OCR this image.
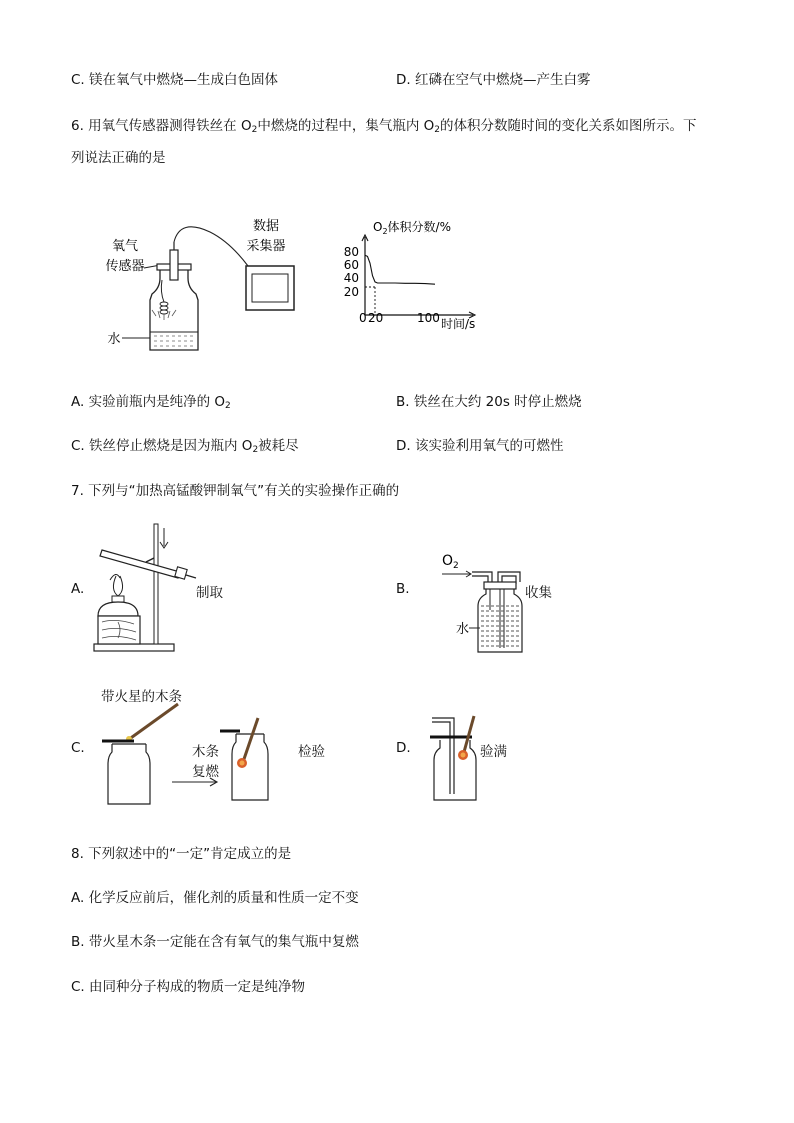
C. 镁在氧气中燃烧—生成白色固体	D. 红磷在空气中燃烧—产生白雾
6. 用氧气传感器测得铁丝在 $O_2$中燃烧的过程中，集气瓶内 $O_2$的体积分数随时间的变化关系如图所示。下
列说法正确的是
氧气
传感器
数据
采集器
水
$O_2$体积分数/%
80
60
40
20
0 20	100 时间/s
A. 实验前瓶内是纯净的 $O_2$	B. 铁丝在大约 20s 时停止燃烧
C. 铁丝停止燃烧是因为瓶内 $O_2$被耗尽	D. 该实验利用氧气的可燃性
7. 下列与“加热高锰酸钾制氧气”有关的实验操作正确的
A.	制取	B.
$O_2$
水
收集
带火星的木条
C.	木条
复燃
检验	D.	验满
8. 下列叙述中的“一定”肯定成立的是
A. 化学反应前后，催化剂的质量和性质一定不变
B. 带火星木条一定能在含有氧气的集气瓶中复燃
C. 由同种分子构成的物质一定是纯净物
